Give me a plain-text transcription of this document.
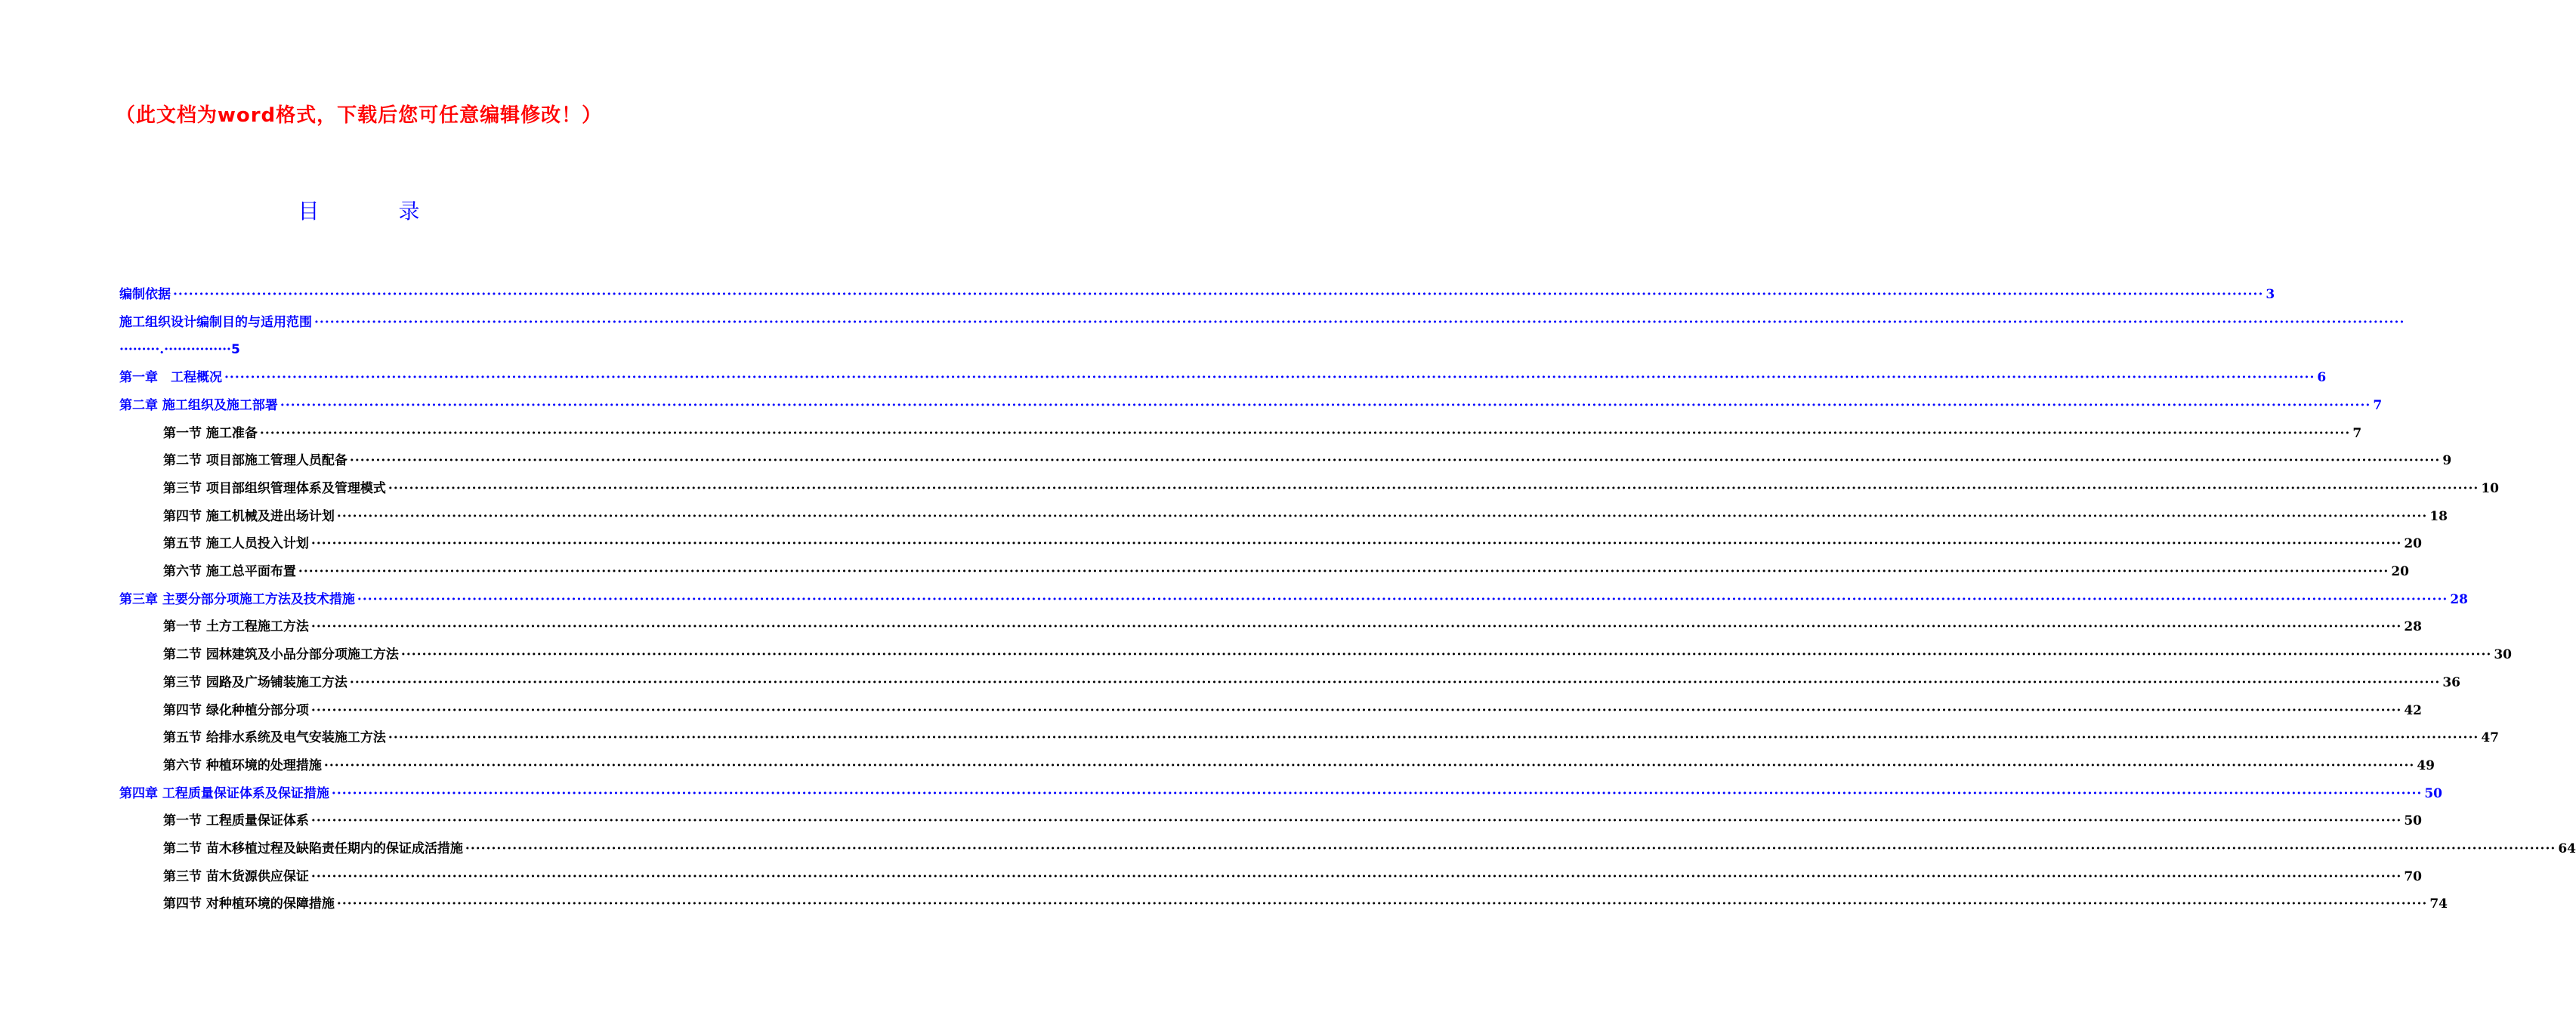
（此文档为word格式，下载后您可任意编辑修改！）
目	录
编制依据 ················································································································································································································································································································································································································ 3
施工组织设计编制目的与适用范围 ················································································································································································································································································································································································································
·········.···············5
第一章　工程概况 ················································································································································································································································································································································································································ 6
第二章 施工组织及施工部署 ················································································································································································································································································································································································································ 7
第一节 施工准备 ················································································································································································································································································································································································································ 7
第二节 项目部施工管理人员配备 ················································································································································································································································································································································································································ 9
第三节 项目部组织管理体系及管理模式 ················································································································································································································································································································································································································ 10
第四节 施工机械及进出场计划 ················································································································································································································································································································································································································ 18
第五节 施工人员投入计划 ················································································································································································································································································································································································································ 20
第六节 施工总平面布置 ················································································································································································································································································································································································································ 20
第三章 主要分部分项施工方法及技术措施 ················································································································································································································································································································································································································ 28
第一节 土方工程施工方法 ················································································································································································································································································································································································································ 28
第二节 园林建筑及小品分部分项施工方法 ················································································································································································································································································································································································································ 30
第三节 园路及广场铺装施工方法 ················································································································································································································································································································································································································ 36
第四节 绿化种植分部分项 ················································································································································································································································································································································································································ 42
第五节 给排水系统及电气安装施工方法 ················································································································································································································································································································································································································ 47
第六节 种植环境的处理措施 ················································································································································································································································································································································································································ 49
第四章 工程质量保证体系及保证措施 ················································································································································································································································································································································································································ 50
第一节 工程质量保证体系 ················································································································································································································································································································································································································ 50
第二节 苗木移植过程及缺陷责任期内的保证成活措施 ················································································································································································································································································································································································································ 64
第三节 苗木货源供应保证 ················································································································································································································································································································································································································ 70
第四节 对种植环境的保障措施 ················································································································································································································································································································································································································ 74
